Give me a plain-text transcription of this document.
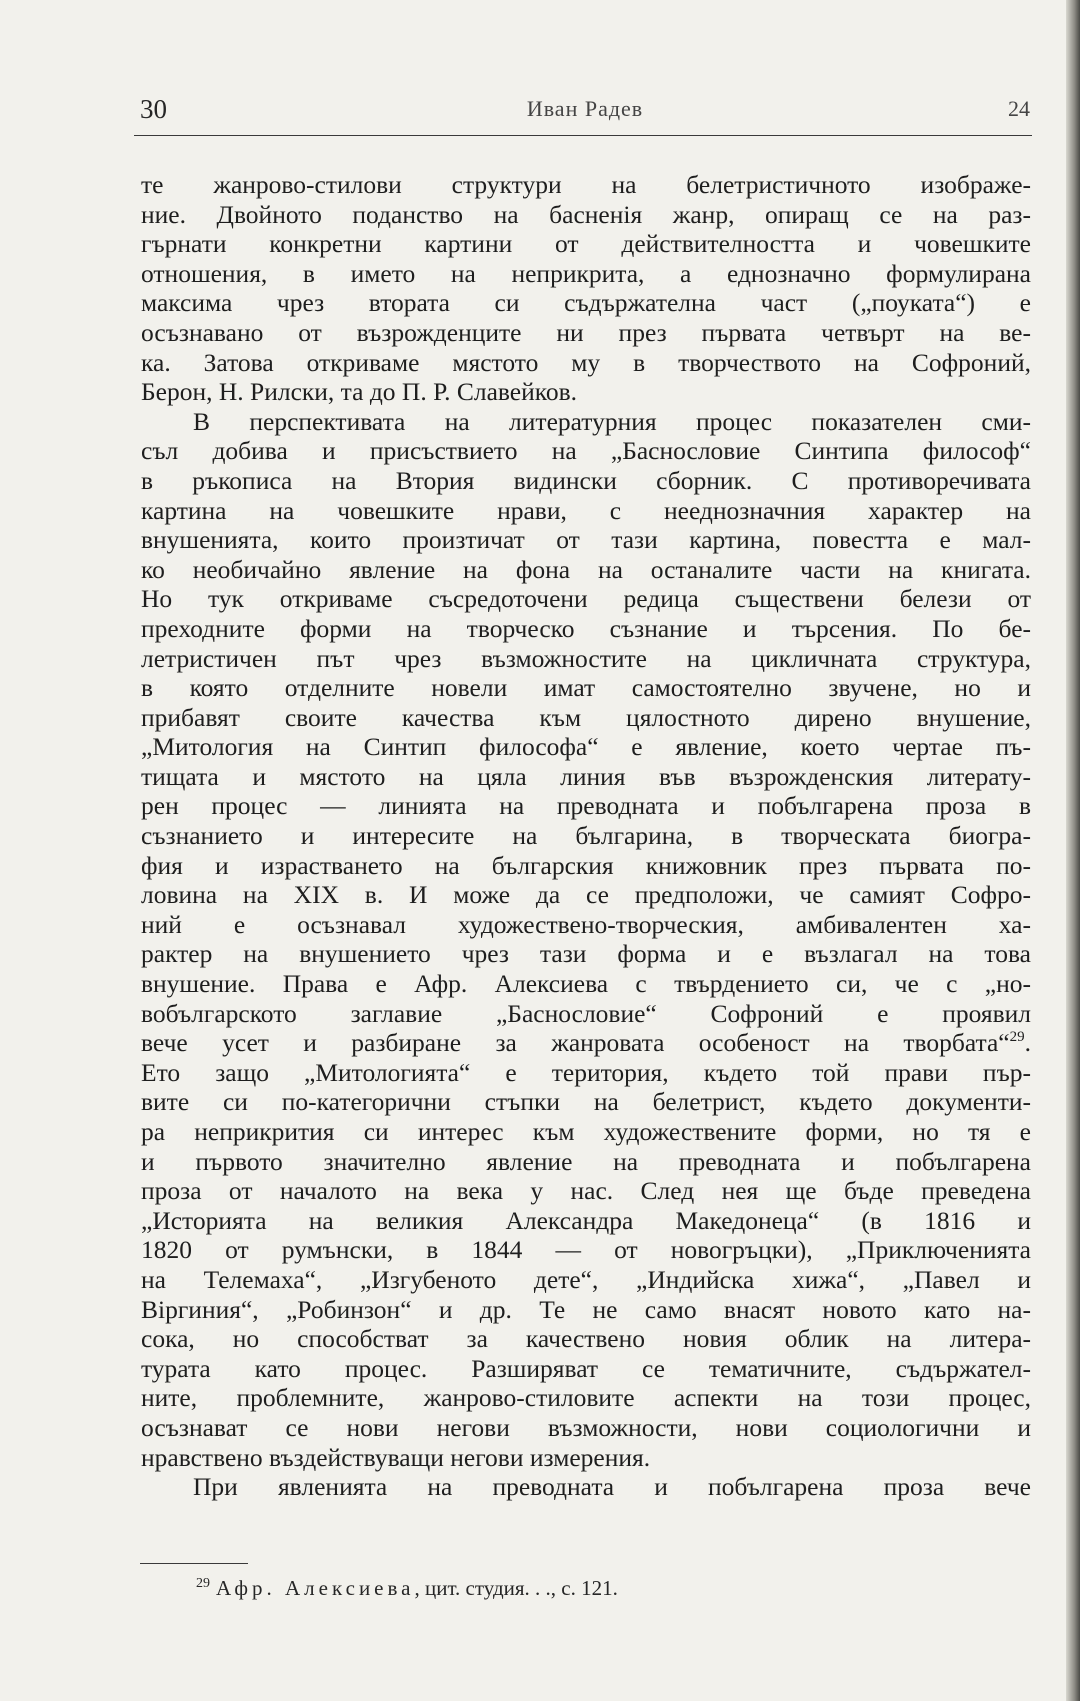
30	Иван Радев	24
те жанрово-стилови структури на белетристичното изображе-
ние. Двойното поданство на басненія жанр, опиращ се на раз-
гърнати конкретни картини от действителността и човешките
отношения, в името на неприкрита, а еднозначно формулирана
максима чрез втората си съдържателна част („поуката“) е
осъзнавано от възрожденците ни през първата четвърт на ве-
ка. Затова откриваме мястото му в творчеството на Софроний,
Берон, Н. Рилски, та до П. Р. Славейков.
В перспективата на литературния процес показателен сми-
съл добива и присъствието на „Баснословие Синтипа философ“
в ръкописа на Втория видински сборник. С противоречивата
картина на човешките нрави, с нееднозначния характер на
внушенията, които произтичат от тази картина, повестта е мал-
ко необичайно явление на фона на останалите части на книгата.
Но тук откриваме съсредоточени редица съществени белези от
преходните форми на творческо съзнание и търсения. По бе-
летристичен път чрез възможностите на цикличната структура,
в която отделните новели имат самостоятелно звучене, но и
прибавят своите качества към цялостното дирено внушение,
„Митология на Синтип философа“ е явление, което чертае пъ-
тищата и мястото на цяла линия във възрожденския литерату-
рен процес — линията на преводната и побългарена проза в
съзнанието и интересите на българина, в творческата биогра-
фия и израстването на българския книжовник през първата по-
ловина на XIX в. И може да се предположи, че самият Софро-
ний е осъзнавал художествено-творческия, амбивалентен ха-
рактер на внушението чрез тази форма и е възлагал на това
внушение. Права е Афр. Алексиева с твърдението си, че с „но-
вобългарското заглавие „Баснословие“ Софроний е проявил
вече усет и разбиране за жанровата особеност на творбата“$^{29}$.
Ето защо „Митологията“ е територия, където той прави пър-
вите си по-категорични стъпки на белетрист, където документи-
ра неприкрития си интерес към художествените форми, но тя е
и първото значително явление на преводната и побългарена
проза от началото на века у нас. След нея ще бъде преведена
„Историята на великия Александра Македонеца“ (в 1816 и
1820 от румънски, в 1844 — от новогръцки), „Приключенията
на Телемаха“, „Изгубеното дете“, „Индийска хижа“, „Павел и
Віргиния“, „Робинзон“ и др. Те не само внасят новото като на-
сока, но способстват за качествено новия облик на литера-
турата като процес. Разширяват се тематичните, съдържател-
ните, проблемните, жанрово-стиловите аспекти на този процес,
осъзнават се нови негови възможности, нови социологични и
нравствено въздействуващи негови измерения.
При явленията на преводната и побългарена проза вече
$^{29}$ Афр. Алексиева, цит. студия. . ., с. 121.
